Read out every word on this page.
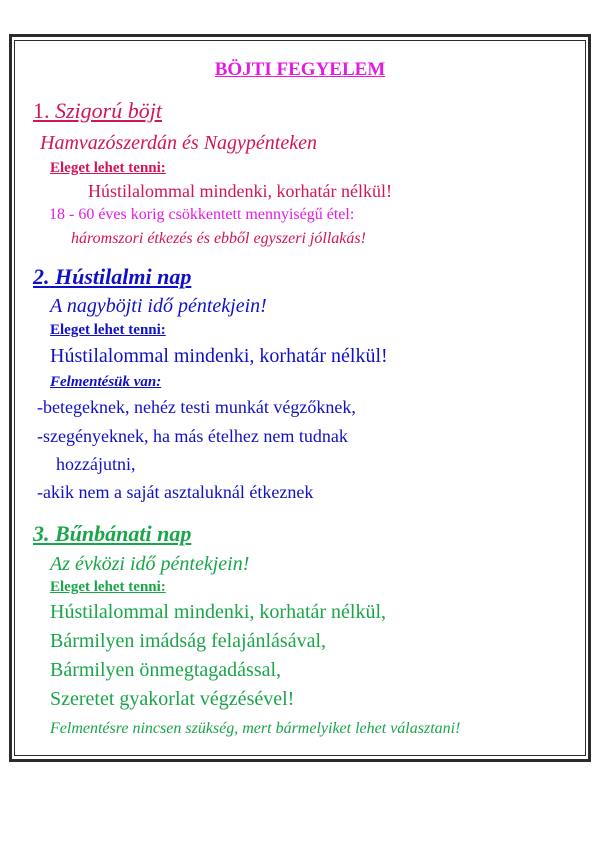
BÖJTI FEGYELEM
1. Szigorú böjt
Hamvazószerdán és Nagypénteken
Eleget lehet tenni:
Hústilalommal mindenki, korhatár nélkül!
18 - 60 éves korig csökkentett mennyiségű étel:
háromszori étkezés és ebből egyszeri jóllakás!
2. Hústilalmi nap
A nagyböjti idő péntekjein!
Eleget lehet tenni:
Hústilalommal mindenki, korhatár nélkül!
Felmentésük van:
-betegeknek, nehéz testi munkát végzőknek,
-szegényeknek, ha más ételhez nem tudnak
hozzájutni,
-akik nem a saját asztaluknál étkeznek
3. Bűnbánati nap
Az évközi idő péntekjein!
Eleget lehet tenni:
Hústilalommal mindenki, korhatár nélkül,
Bármilyen imádság felajánlásával,
Bármilyen önmegtagadással,
Szeretet gyakorlat végzésével!
Felmentésre nincsen szükség, mert bármelyiket lehet választani!
